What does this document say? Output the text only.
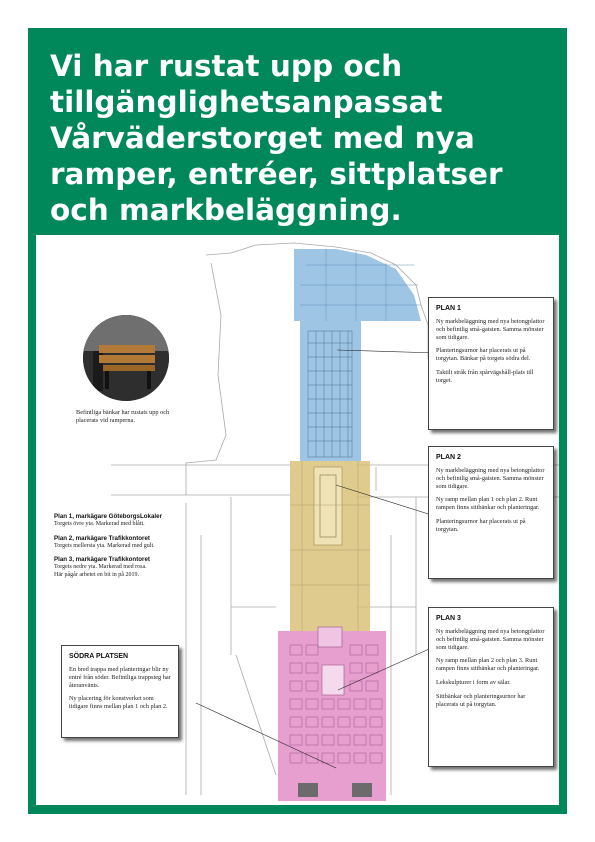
Vi har rustat upp och tillgänglighetsanpassat Vårväderstorget med nya ramper, entréer, sittplatser och markbeläggning.

Befintliga bänkar har rustats upp och placerats vid ramperna.

Plan 1, markägare GöteborgsLokaler
Torgets övre yta. Markerad med blått.
Plan 2, markägare Trafikkontoret
Torgets mellersta yta. Markerad med gult.
Plan 3, markägare Trafikkontoret
Torgets nedre yta. Markerad med rosa.
Här pågår arbetet en bit in på 2019.
PLAN 1

Ny markbeläggning med nya betongplattor och befintlig små-gatsten. Samma mönster som tidigare.

Planteringsurnor har placerats ut på torgytan. Bänkar på torgets södra del.

Taktilt stråk från spårvägshåll-plats till torget.

PLAN 2

Ny markbeläggning med nya betongplattor och befintlig små-gatsten. Samma mönster som tidigare.

Ny ramp mellan plan 1 och plan 2. Runt rampen finns sittbänkar och planteringar.

Planteringsurnor har placerats ut på torgytan.

PLAN 3

Ny markbeläggning med nya betongplattor och befintlig små-gatsten. Samma mönster som tidigare.

Ny ramp mellan plan 2 och plan 3. Runt rampen finns sittbänkar och planteringar.

Lekskulpturer i form av sälar.

Sittbänkar och planteringsurnor har placerats ut på torgytan.

SÖDRA PLATSEN

En bred trappa med planteringar blir ny entré från söder. Befintliga trappsteg har återanvänts.

Ny placering för konstverket som tidigare finns mellan plan 1 och plan 2.
